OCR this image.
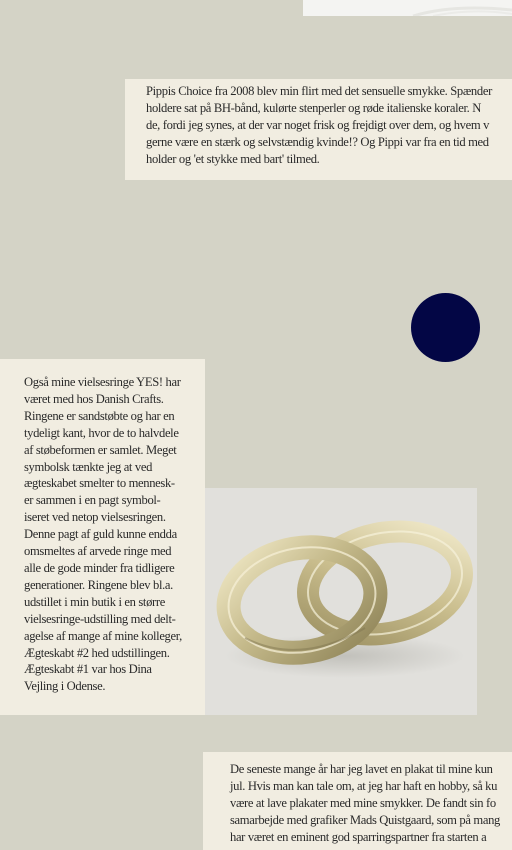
Pippis Choice fra 2008 blev min flirt med det sensuelle smykke. Spænder
holdere sat på BH-bånd, kulørte stenperler og røde italienske koraler. N
de, fordi jeg synes, at der var noget frisk og frejdigt over dem, og hvem v
gerne være en stærk og selvstændig kvinde!? Og Pippi var fra en tid med
holder og 'et stykke med bart' tilmed.
Også mine vielsesringe YES! har
været med hos Danish Crafts.
Ringene er sandstøbte og har en
tydeligt kant, hvor de to halvdele
af støbeformen er samlet. Meget
symbolsk tænkte jeg at ved
ægteskabet smelter to mennesk-
er sammen i en pagt symbol-
iseret ved netop vielsesringen.
Denne pagt af guld kunne endda
omsmeltes af arvede ringe med
alle de gode minder fra tidligere
generationer. Ringene blev bl.a.
udstillet i min butik i en større
vielsesringe-udstilling med delt-
agelse af mange af mine kolleger,
Ægteskabt #2 hed udstillingen.
Ægteskabt #1 var hos Dina
Vejling i Odense.
De seneste mange år har jeg lavet en plakat til mine kun
jul. Hvis man kan tale om, at jeg har haft en hobby, så ku
være at lave plakater med mine smykker. De fandt sin fo
samarbejde med grafiker Mads Quistgaard, som på mang
har været en eminent god sparringspartner fra starten a
